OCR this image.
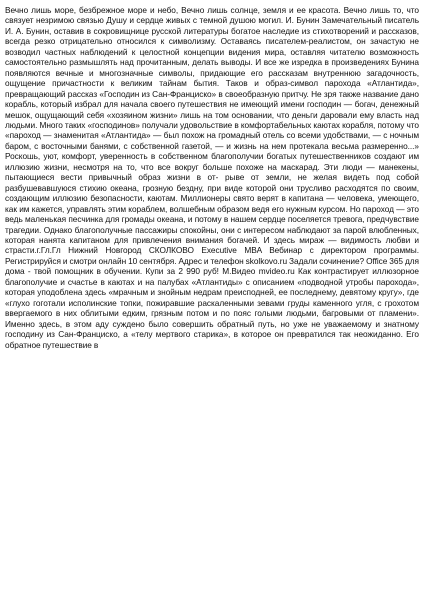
Вечно лишь море, безбрежное море и небо, Вечно лишь солнце, земля и ее красота. Вечно лишь то, что связует незримою связью Душу и сердце живых с темной душою могил. И. Бунин Замечательный писатель И. А. Бунин, оставив в сокровищнице русской литературы богатое наследие из стихотворений и рассказов, всегда резко отрицательно относился к символизму. Оставаясь писателем-реалистом, он зачастую не возводил частных наблюдений к целостной концепции видения мира, оставляя читателю возможность самостоятельно размышлять над прочитанным, делать выводы. И все же изредка в произведениях Бунина появляются вечные и многозначные символы, придающие его рассказам внутреннюю загадочность, ощущение причастности к великим тайнам бытия. Таков и образ-символ парохода «Атлантида», превращающий рассказ «Господин из Сан-Франциско» в своеобразную притчу. Не зря также название дано корабль, который избрал для начала своего путешествия не имеющий имени господин — богач, денежный мешок, ощущающий себя «хозяином жизни» лишь на том основании, что деньги даровали ему власть над людьми. Много таких «господинов» получали удовольствие в комфортабельных каютах корабля, потому что «пароход — знаменитая «Атлантида» — был похож на громадный отель со всеми удобствами, — с ночным баром, с восточными банями, с собственной газетой, — и жизнь на нем протекала весьма размеренно...» Роскошь, уют, комфорт, уверенность в собственном благополучии богатых путешественников создают им иллюзию жизни, несмотря на то, что все вокруг больше похоже на маскарад. Эти люди — манекены, пытающиеся вести привычный образ жизни в от- рыве от земли, не желая видеть под собой разбушевавшуюся стихию океана, грозную бездну, при виде которой они трусливо расходятся по своим, создающим иллюзию безопасности, каютам. Миллионеры свято верят в капитана — человека, умеющего, как им кажется, управлять этим кораблем, волшебным образом ведя его нужным курсом. Но пароход — это ведь маленькая песчинка для громады океана, и потому в нашем сердце поселяется тревога, предчувствие трагедии. Однако благополучные пассажиры спокойны, они с интересом наблюдают за парой влюбленных, которая нанята капитаном для привлечения внимания богачей. И здесь мираж — видимость любви и страсти.г.Гл.Гл Нижний Новгород СКОЛКОВО Executive MBA Вебинар с директором программы. Регистрируйся и смотри онлайн 10 сентября. Адрес и телефон skolkovo.ru Задали сочинение? Office 365 для дома - твой помощник в обучении. Купи за 2 990 руб! М.Видео mvideo.ru Как контрастирует иллюзорное благополучие и счастье в каютах и на палубах «Атлантиды» с описанием «подводной утробы парохода», которая уподоблена здесь «мрачным и знойным недрам преисподней, ее последнему, девятому кругу», где «глухо гоготали исполинские топки, пожиравшие раскаленными зевами груды каменного угля, с грохотом ввергаемого в них облитыми едким, грязным потом и по пояс голыми людьми, багровыми от пламени». Именно здесь, в этом аду суждено было совершить обратный путь, но уже не уважаемому и знатному господину из Сан-Франциско, а «телу мертвого старика», в которое он превратился так неожиданно. Его обратное путешествие в
